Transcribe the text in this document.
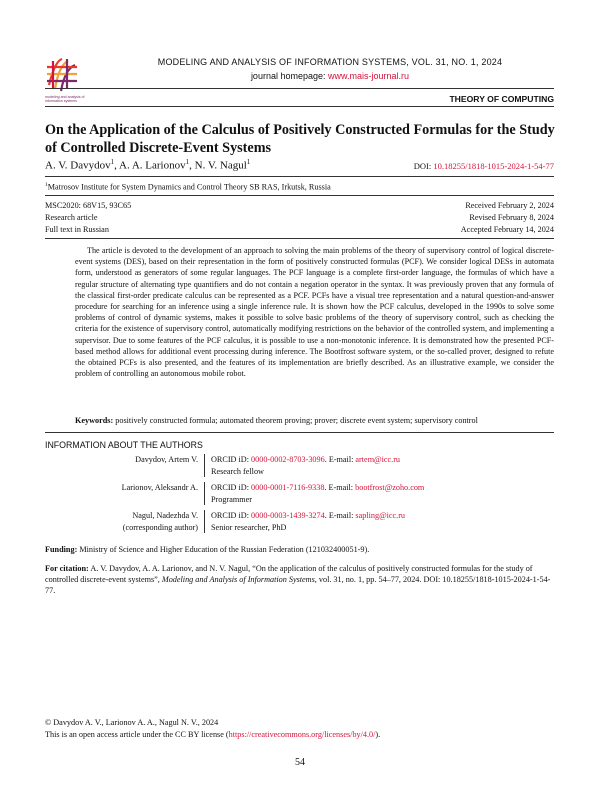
modeling and analysis of information systems
MODELING AND ANALYSIS OF INFORMATION SYSTEMS, VOL. 31, NO. 1, 2024
journal homepage: www.mais-journal.ru
THEORY OF COMPUTING
On the Application of the Calculus of Positively Constructed Formulas for the Study of Controlled Discrete-Event Systems
A. V. Davydov$^1$, A. A. Larionov$^1$, N. V. Nagul$^1$	DOI: 10.18255/1818-1015-2024-1-54-77
$^1$Matrosov Institute for System Dynamics and Control Theory SB RAS, Irkutsk, Russia
MSC2020: 68V15, 93C65
Research article
Full text in Russian
Received February 2, 2024
Revised February 8, 2024
Accepted February 14, 2024
The article is devoted to the development of an approach to solving the main problems of the theory of supervisory control of logical discrete-event systems (DES), based on their representation in the form of positively constructed formulas (PCF). We consider logical DESs in automata form, understood as generators of some regular languages. The PCF language is a complete first-order language, the formulas of which have a regular structure of alternating type quantifiers and do not contain a negation operator in the syntax. It was previously proven that any formula of the classical first-order predicate calculus can be represented as a PCF. PCFs have a visual tree representation and a natural question-and-answer procedure for searching for an inference using a single inference rule. It is shown how the PCF calculus, developed in the 1990s to solve some problems of control of dynamic systems, makes it possible to solve basic problems of the theory of supervisory control, such as checking the criteria for the existence of supervisory control, automatically modifying restrictions on the behavior of the controlled system, and implementing a supervisor. Due to some features of the PCF calculus, it is possible to use a non-monotonic inference. It is demonstrated how the presented PCF-based method allows for additional event processing during inference. The Bootfrost software system, or the so-called prover, designed to refute the obtained PCFs is also presented, and the features of its implementation are briefly described. As an illustrative example, we consider the problem of controlling an autonomous mobile robot.
Keywords: positively constructed formula; automated theorem proving; prover; discrete event system; supervisory control
INFORMATION ABOUT THE AUTHORS
Davydov, Artem V. ORCID iD: 0000-0002-8703-3096. E-mail: artem@icc.ru
Research fellow
Larionov, Aleksandr A. ORCID iD: 0000-0001-7116-9338. E-mail: bootfrost@zoho.com
Programmer
Nagul, Nadezhda V.
(corresponding author)
ORCID iD: 0000-0003-1439-3274. E-mail: sapling@icc.ru
Senior researcher, PhD
Funding: Ministry of Science and Higher Education of the Russian Federation (121032400051-9).
For citation: A. V. Davydov, A. A. Larionov, and N. V. Nagul, “On the application of the calculus of positively constructed formulas for the study of controlled discrete-event systems”, Modeling and Analysis of Information Systems, vol. 31, no. 1, pp. 54–77, 2024. DOI: 10.18255/1818-1015-2024-1-54-77.
© Davydov A. V., Larionov A. A., Nagul N. V., 2024
This is an open access article under the CC BY license (https://creativecommons.org/licenses/by/4.0/).
54
